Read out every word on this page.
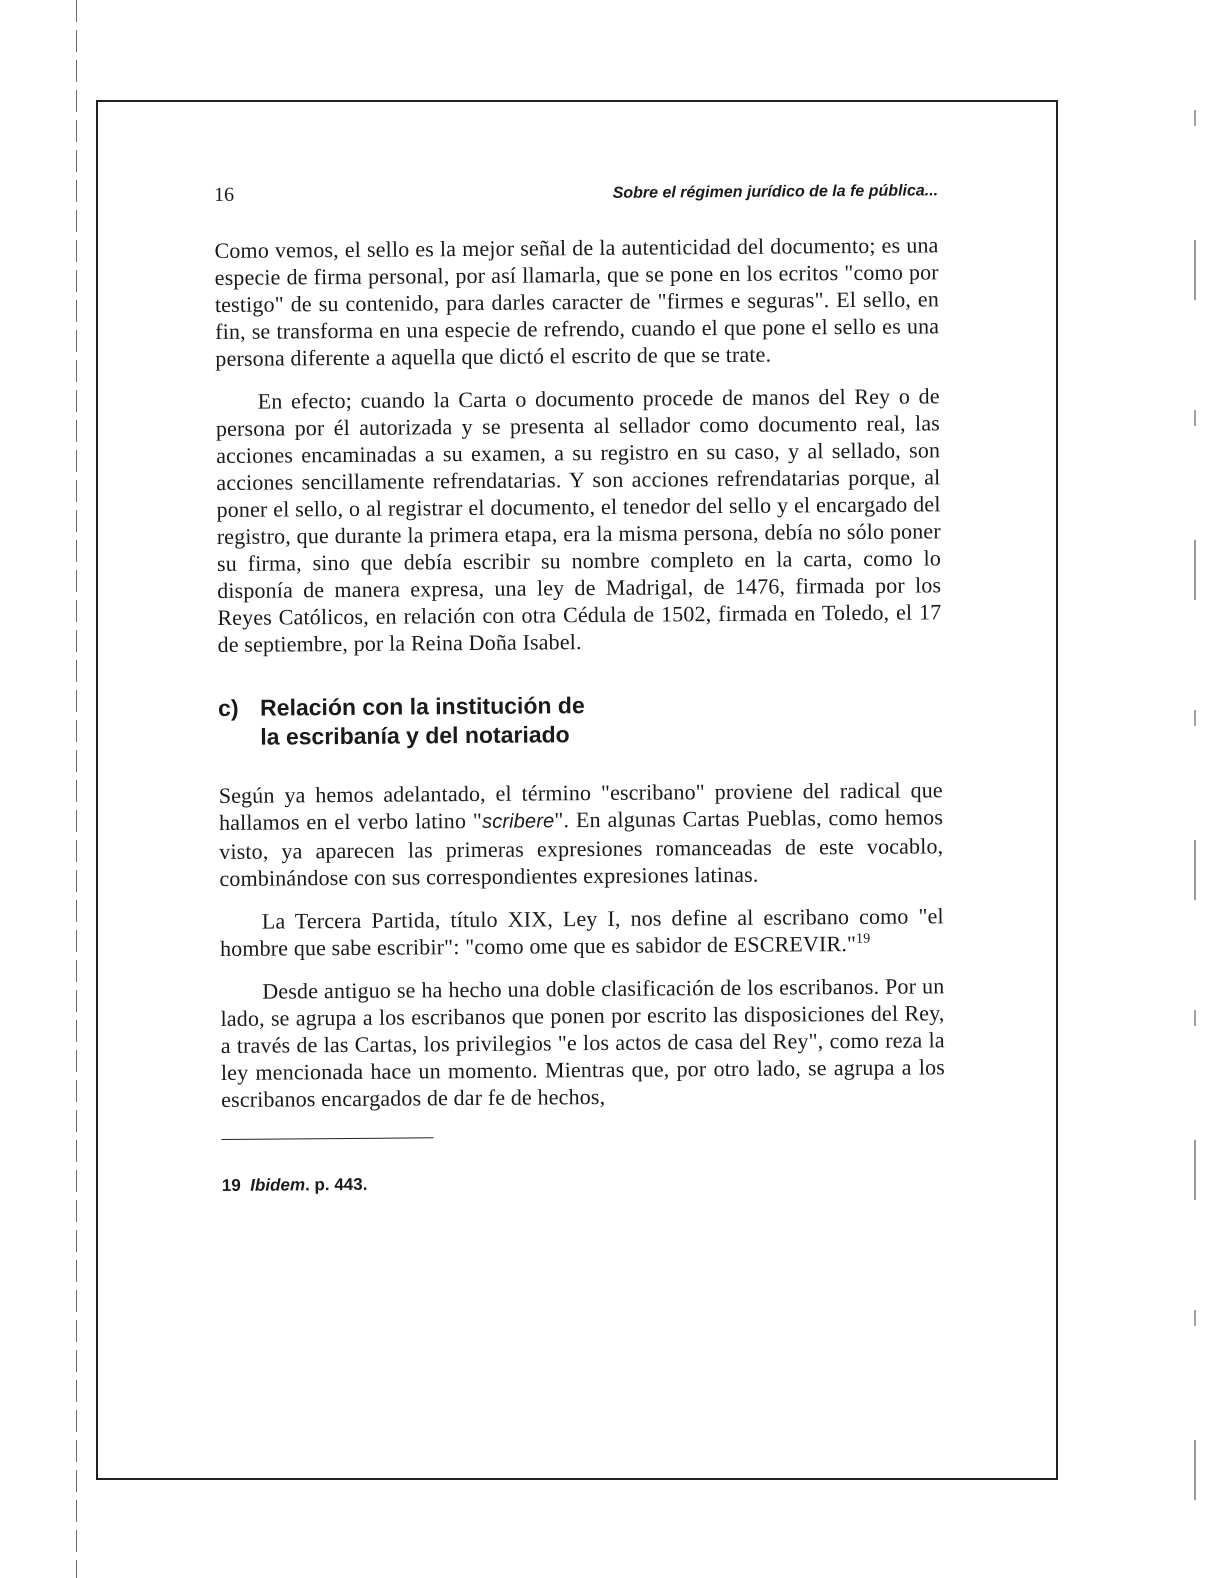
16	Sobre el régimen jurídico de la fe pública...

Como vemos, el sello es la mejor señal de la autenticidad del documento; es una especie de firma personal, por así llamarla, que se pone en los ecritos "como por testigo" de su contenido, para darles caracter de "firmes e seguras". El sello, en fin, se transforma en una especie de refrendo, cuando el que pone el sello es una persona diferente a aquella que dictó el escrito de que se trate.

En efecto; cuando la Carta o documento procede de manos del Rey o de persona por él autorizada y se presenta al sellador como documento real, las acciones encaminadas a su examen, a su registro en su caso, y al sellado, son acciones sencillamente refrendatarias. Y son acciones refrendatarias porque, al poner el sello, o al registrar el documento, el tenedor del sello y el encargado del registro, que durante la primera etapa, era la misma persona, debía no sólo poner su firma, sino que debía escribir su nombre completo en la carta, como lo disponía de manera expresa, una ley de Madrigal, de 1476, firmada por los Reyes Católicos, en relación con otra Cédula de 1502, firmada en Toledo, el 17 de septiembre, por la Reina Doña Isabel.

c) Relación con la institución de
la escribanía y del notariado

Según ya hemos adelantado, el término "escribano" proviene del radical que hallamos en el verbo latino "scribere". En algunas Cartas Pueblas, como hemos visto, ya aparecen las primeras expresiones romanceadas de este vocablo, combinándose con sus correspondientes expresiones latinas.

La Tercera Partida, título XIX, Ley I, nos define al escribano como "el hombre que sabe escribir": "como ome que es sabidor de ESCREVIR."$^{19}$

Desde antiguo se ha hecho una doble clasificación de los escribanos. Por un lado, se agrupa a los escribanos que ponen por escrito las disposiciones del Rey, a través de las Cartas, los privilegios "e los actos de casa del Rey", como reza la ley mencionada hace un momento. Mientras que, por otro lado, se agrupa a los escribanos encargados de dar fe de hechos,

19 Ibidem. p. 443.
